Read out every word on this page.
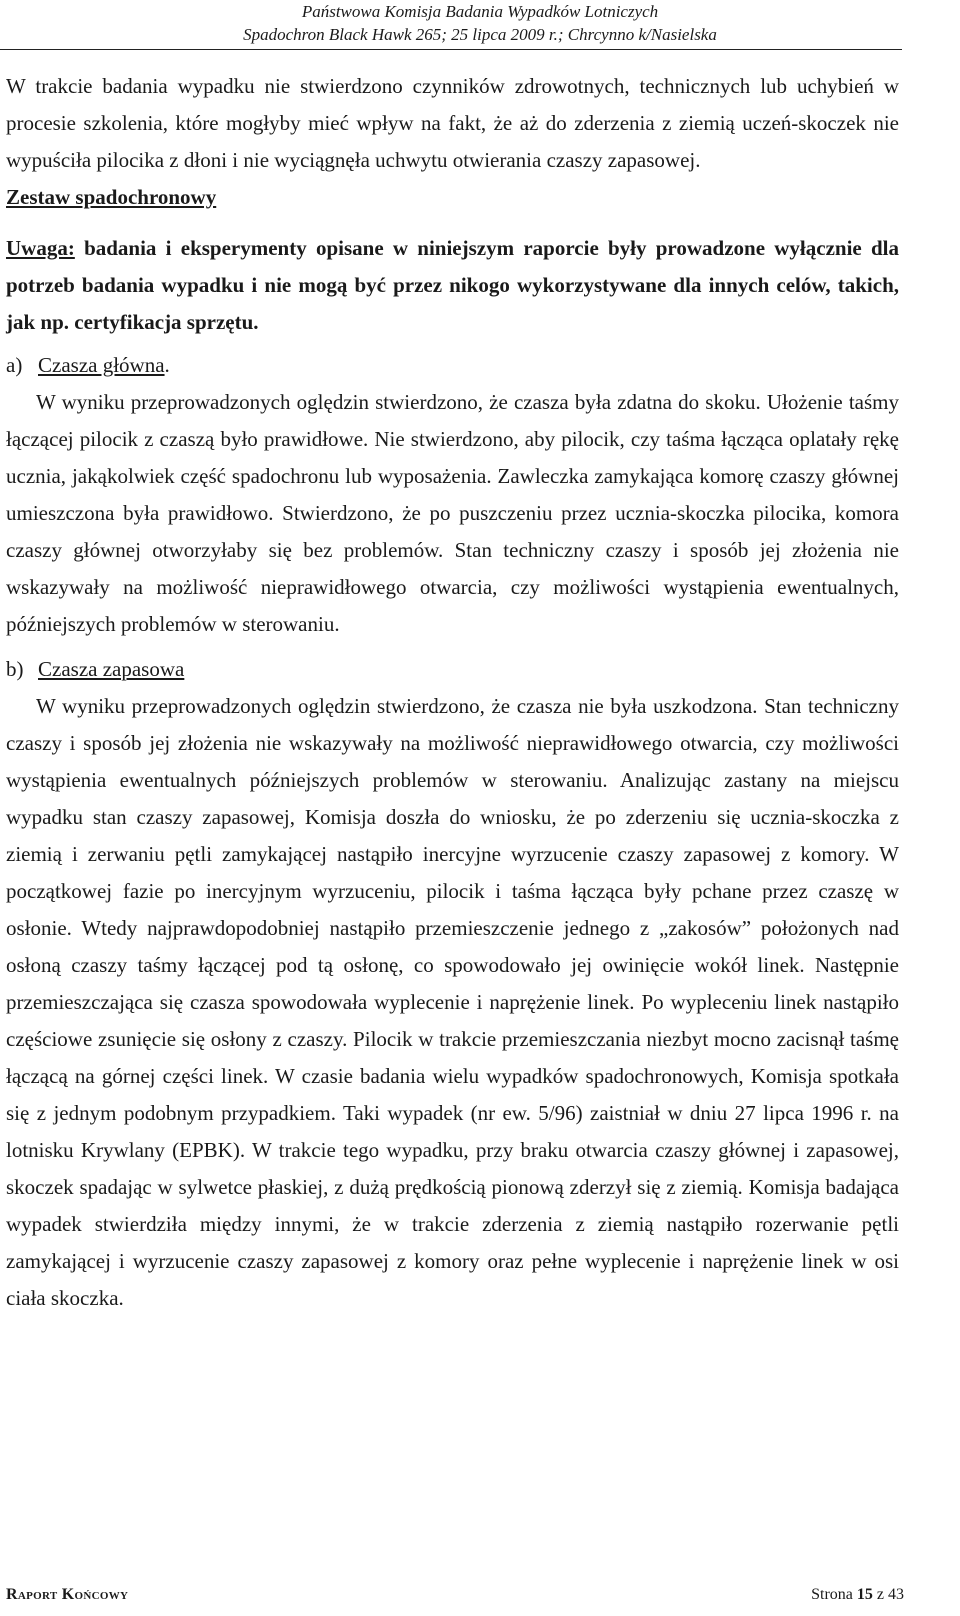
Państwowa Komisja Badania Wypadków Lotniczych
Spadochron Black Hawk 265; 25 lipca 2009 r.; Chrcynno k/Nasielska

W trakcie badania wypadku nie stwierdzono czynników zdrowotnych, technicznych lub uchybień w procesie szkolenia, które mogłyby mieć wpływ na fakt, że aż do zderzenia z ziemią uczeń-skoczek nie wypuściła pilocika z dłoni i nie wyciągnęła uchwytu otwierania czaszy zapasowej.

Zestaw spadochronowy

Uwaga: badania i eksperymenty opisane w niniejszym raporcie były prowadzone wyłącznie dla potrzeb badania wypadku i nie mogą być przez nikogo wykorzystywane dla innych celów, takich, jak np. certyfikacja sprzętu.

a) Czasza główna.

W wyniku przeprowadzonych oględzin stwierdzono, że czasza była zdatna do skoku. Ułożenie taśmy łączącej pilocik z czaszą było prawidłowe. Nie stwierdzono, aby pilocik, czy taśma łącząca oplatały rękę ucznia, jakąkolwiek część spadochronu lub wyposażenia. Zawleczka zamykająca komorę czaszy głównej umieszczona była prawidłowo. Stwierdzono, że po puszczeniu przez ucznia-skoczka pilocika, komora czaszy głównej otworzyłaby się bez problemów. Stan techniczny czaszy i sposób jej złożenia nie wskazywały na możliwość nieprawidłowego otwarcia, czy możliwości wystąpienia ewentualnych, późniejszych problemów w sterowaniu.

b) Czasza zapasowa

W wyniku przeprowadzonych oględzin stwierdzono, że czasza nie była uszkodzona. Stan techniczny czaszy i sposób jej złożenia nie wskazywały na możliwość nieprawidłowego otwarcia, czy możliwości wystąpienia ewentualnych późniejszych problemów w sterowaniu. Analizując zastany na miejscu wypadku stan czaszy zapasowej, Komisja doszła do wniosku, że po zderzeniu się ucznia-skoczka z ziemią i zerwaniu pętli zamykającej nastąpiło inercyjne wyrzucenie czaszy zapasowej z komory. W początkowej fazie po inercyjnym wyrzuceniu, pilocik i taśma łącząca były pchane przez czaszę w osłonie. Wtedy najprawdopodobniej nastąpiło przemieszczenie jednego z „zakosów” położonych nad osłoną czaszy taśmy łączącej pod tą osłonę, co spowodowało jej owinięcie wokół linek. Następnie przemieszczająca się czasza spowodowała wyplecenie i naprężenie linek. Po wypleceniu linek nastąpiło częściowe zsunięcie się osłony z czaszy. Pilocik w trakcie przemieszczania niezbyt mocno zacisnął taśmę łączącą na górnej części linek. W czasie badania wielu wypadków spadochronowych, Komisja spotkała się z jednym podobnym przypadkiem. Taki wypadek (nr ew. 5/96) zaistniał w dniu 27 lipca 1996 r. na lotnisku Krywlany (EPBK). W trakcie tego wypadku, przy braku otwarcia czaszy głównej i zapasowej, skoczek spadając w sylwetce płaskiej, z dużą prędkością pionową zderzył się z ziemią. Komisja badająca wypadek stwierdziła między innymi, że w trakcie zderzenia z ziemią nastąpiło rozerwanie pętli zamykającej i wyrzucenie czaszy zapasowej z komory oraz pełne wyplecenie i naprężenie linek w osi ciała skoczka.

Raport Końcowy	Strona 15 z 43
